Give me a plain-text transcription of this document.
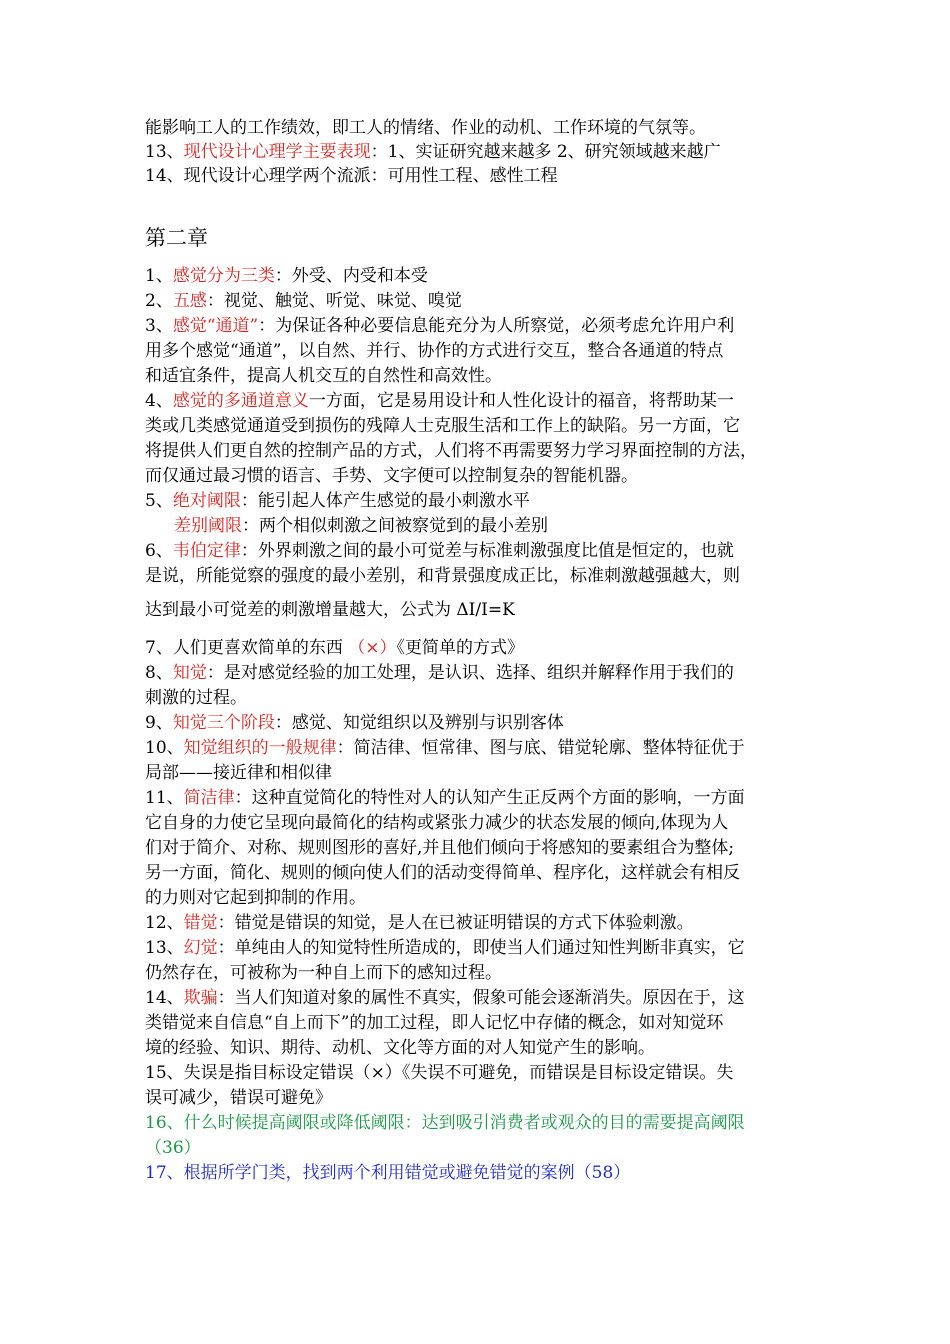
能影响工人的工作绩效，即工人的情绪、作业的动机、工作环境的气氛等。
13、现代设计心理学主要表现：1、实证研究越来越多 2、研究领域越来越广
14、现代设计心理学两个流派：可用性工程、感性工程
第二章
1、感觉分为三类：外受、内受和本受
2、五感：视觉、触觉、听觉、味觉、嗅觉
3、感觉“通道”：为保证各种必要信息能充分为人所察觉，必须考虑允许用户利
用多个感觉“通道”，以自然、并行、协作的方式进行交互，整合各通道的特点
和适宜条件，提高人机交互的自然性和高效性。
4、感觉的多通道意义一方面，它是易用设计和人性化设计的福音，将帮助某一
类或几类感觉通道受到损伤的残障人士克服生活和工作上的缺陷。另一方面，它
将提供人们更自然的控制产品的方式，人们将不再需要努力学习界面控制的方法，
而仅通过最习惯的语言、手势、文字便可以控制复杂的智能机器。
5、绝对阈限：能引起人体产生感觉的最小刺激水平
差别阈限：两个相似刺激之间被察觉到的最小差别
6、韦伯定律：外界刺激之间的最小可觉差与标准刺激强度比值是恒定的，也就
是说，所能觉察的强度的最小差别，和背景强度成正比，标准刺激越强越大，则
达到最小可觉差的刺激增量越大，公式为 ΔI/I=K
7、人们更喜欢简单的东西 （×）《更简单的方式》
8、知觉：是对感觉经验的加工处理，是认识、选择、组织并解释作用于我们的
刺激的过程。
9、知觉三个阶段：感觉、知觉组织以及辨别与识别客体
10、知觉组织的一般规律：简洁律、恒常律、图与底、错觉轮廓、整体特征优于
局部——接近律和相似律
11、简洁律：这种直觉简化的特性对人的认知产生正反两个方面的影响，一方面
它自身的力使它呈现向最简化的结构或紧张力减少的状态发展的倾向,体现为人
们对于简介、对称、规则图形的喜好,并且他们倾向于将感知的要素组合为整体;
另一方面，简化、规则的倾向使人们的活动变得简单、程序化，这样就会有相反
的力则对它起到抑制的作用。
12、错觉：错觉是错误的知觉，是人在已被证明错误的方式下体验刺激。
13、幻觉：单纯由人的知觉特性所造成的，即使当人们通过知性判断非真实，它
仍然存在，可被称为一种自上而下的感知过程。
14、欺骗：当人们知道对象的属性不真实，假象可能会逐渐消失。原因在于，这
类错觉来自信息“自上而下”的加工过程，即人记忆中存储的概念，如对知觉环
境的经验、知识、期待、动机、文化等方面的对人知觉产生的影响。
15、失误是指目标设定错误（×）《失误不可避免，而错误是目标设定错误。失
误可减少，错误可避免》
16、什么时候提高阈限或降低阈限：达到吸引消费者或观众的目的需要提高阈限
（36）
17、根据所学门类，找到两个利用错觉或避免错觉的案例（58）
